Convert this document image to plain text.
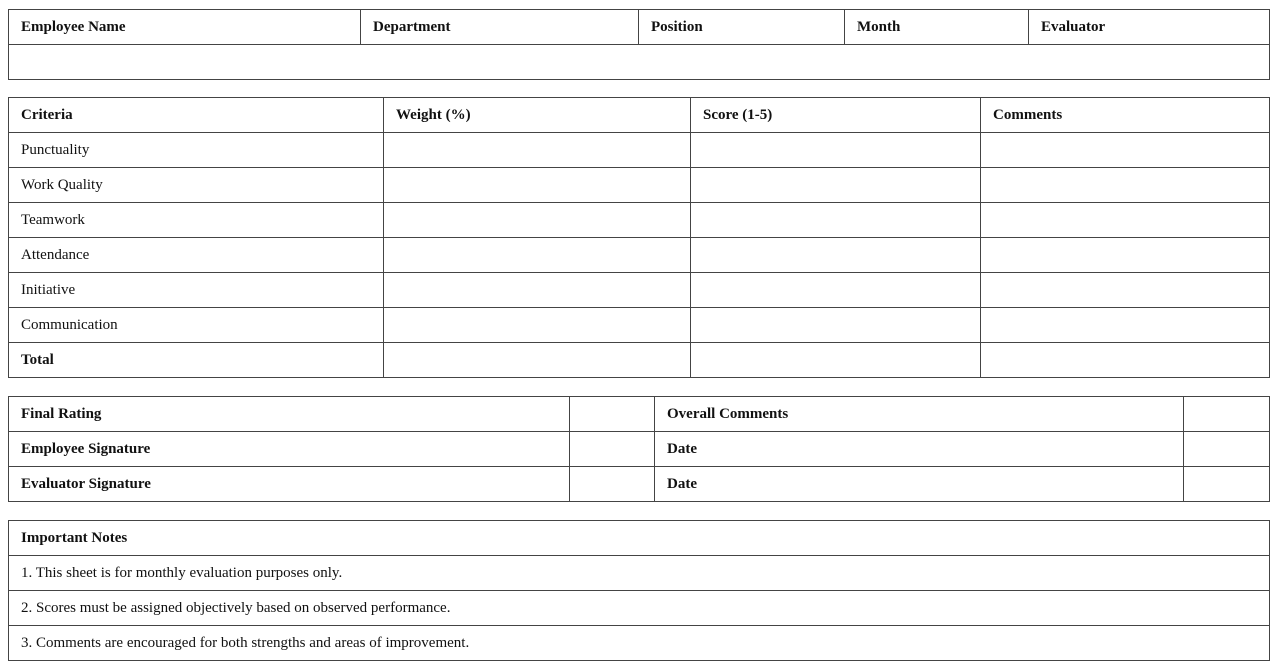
Employee Name	Department	Position	Month	Evaluator

Criteria	Weight (%)	Score (1-5)	Comments
Punctuality			
Work Quality			
Teamwork			
Attendance			
Initiative			
Communication			
Total			
Final Rating		Overall Comments	
Employee Signature		Date	
Evaluator Signature		Date	
Important Notes
1. This sheet is for monthly evaluation purposes only.
2. Scores must be assigned objectively based on observed performance.
3. Comments are encouraged for both strengths and areas of improvement.
